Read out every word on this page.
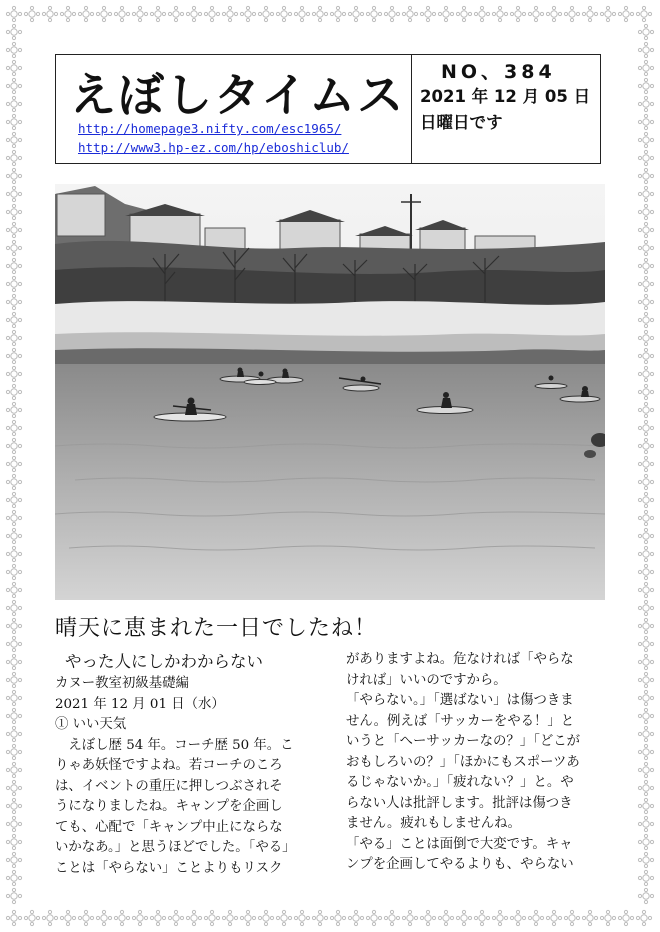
えぼしタイムス
http://homepage3.nifty.com/esc1965/
http://www3.hp-ez.com/hp/eboshiclub/
NO、384
2021 年 12 月 05 日
日曜日です
晴天に恵まれた一日でしたね！
やった人にしかわからない

カヌー教室初級基礎編

2021 年 12 月 01 日（水）

① いい天気

　えぼし歴 54 年。コーチ歴 50 年。こ

りゃあ妖怪ですよね。若コーチのころ

は、イベントの重圧に押しつぶされそ

うになりましたね。キャンプを企画し

ても、心配で「キャンプ中止にならな

いかなあ。」と思うほどでした。「やる」

ことは「やらない」ことよりもリスク

がありますよね。危なければ「やらな

ければ」いいのですから。

「やらない。」「選ばない」は傷つきま

せん。例えば「サッカーをやる！」と

いうと「へーサッカーなの？」「どこが

おもしろいの？」「ほかにもスポーツあ

るじゃないか。」「疲れない？」と。や

らない人は批評します。批評は傷つき

ません。疲れもしませんね。

「やる」ことは面倒で大変です。キャ

ンプを企画してやるよりも、やらない
